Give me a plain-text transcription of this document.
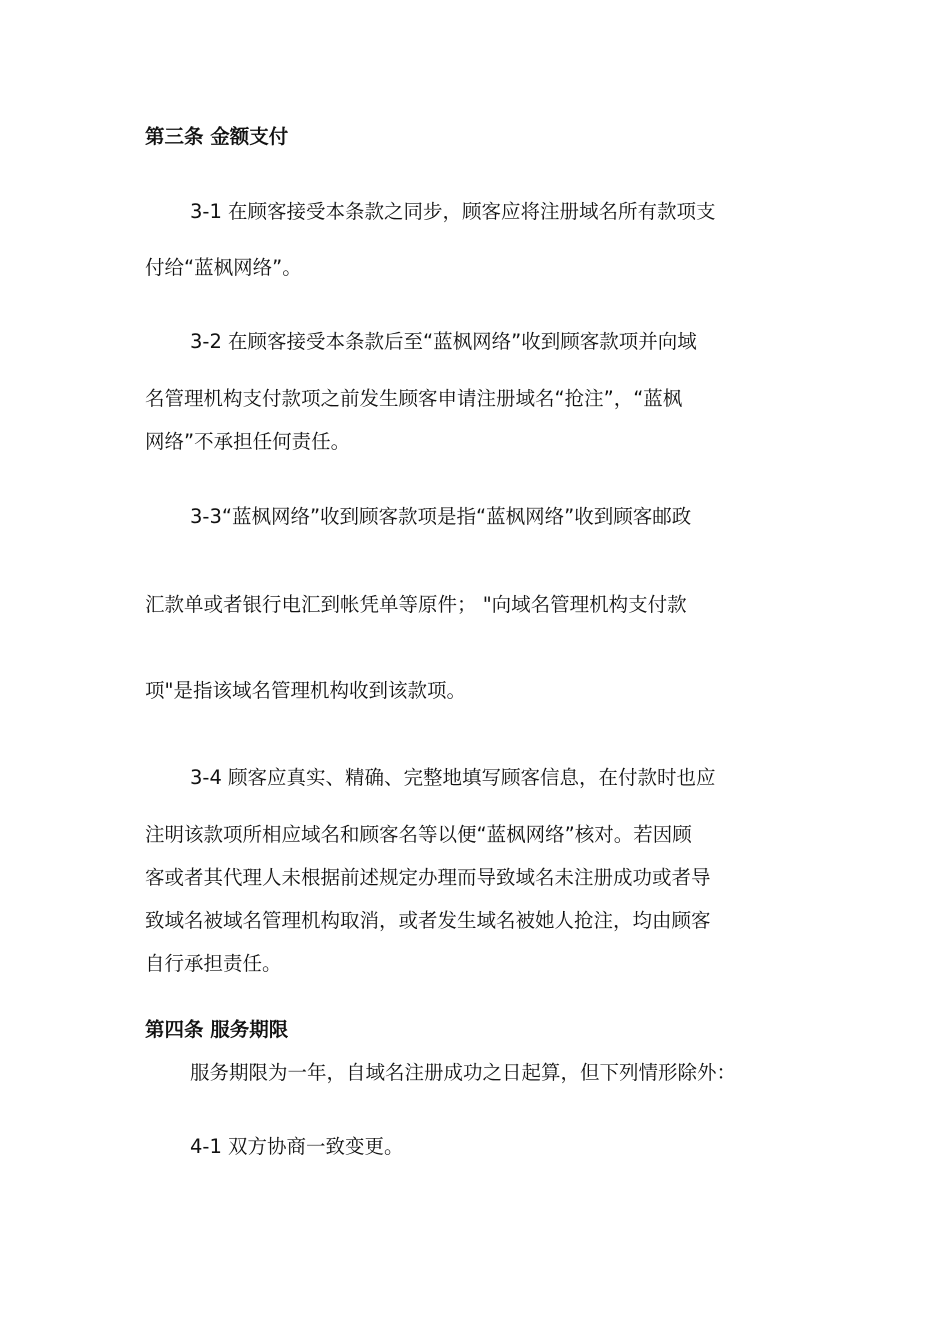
第三条 金额支付

3-1 在顾客接受本条款之同步，顾客应将注册域名所有款项支

付给“蓝枫网络”。

3-2 在顾客接受本条款后至“蓝枫网络”收到顾客款项并向域

名管理机构支付款项之前发生顾客申请注册域名“抢注”，“蓝枫

网络”不承担任何责任。

3-3“蓝枫网络”收到顾客款项是指“蓝枫网络”收到顾客邮政

汇款单或者银行电汇到帐凭单等原件； "向域名管理机构支付款

项"是指该域名管理机构收到该款项。

3-4 顾客应真实、精确、完整地填写顾客信息，在付款时也应

注明该款项所相应域名和顾客名等以便“蓝枫网络”核对。若因顾

客或者其代理人未根据前述规定办理而导致域名未注册成功或者导

致域名被域名管理机构取消，或者发生域名被她人抢注，均由顾客

自行承担责任。

第四条 服务期限

服务期限为一年，自域名注册成功之日起算，但下列情形除外：

4-1 双方协商一致变更。
